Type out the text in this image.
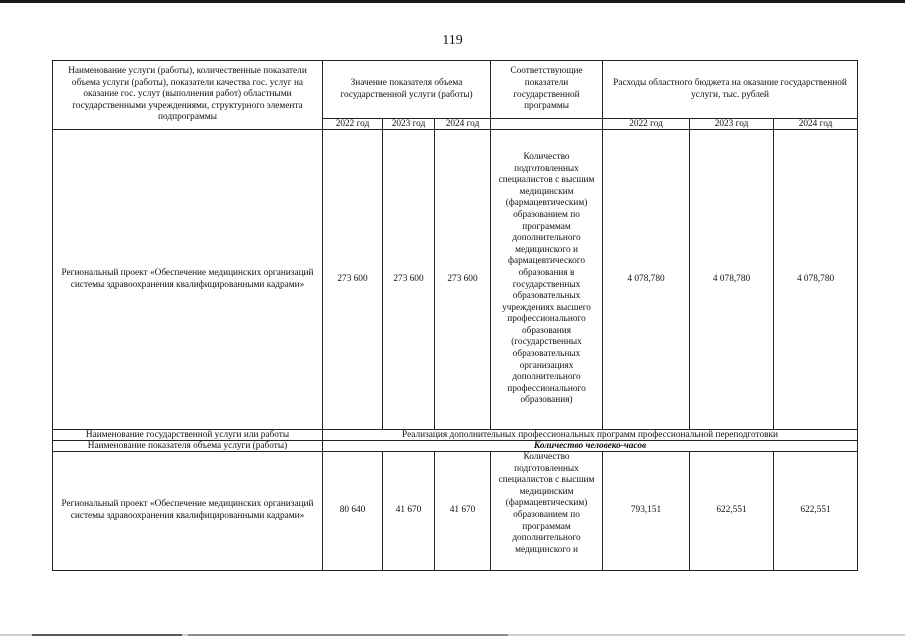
119
Наименование услуги (работы), количественные показатели объема услуги (работы), показатели качества гос. услуг на оказание гос. услут (выполнения работ) областными государственными учреждениями, структурного элемента подпрограммы	Значение показателя объема государственной услуги (работы)			Соответствующие показатели государственной программы	Расходы областного бюджета на оказание государственной услуги, тыс. рублей		
	2022 год	2023 год	2024 год		2022 год	2023 год	2024 год
Региональный проект «Обеспечение медицинских организаций системы здравоохранения квалифицированными кадрами»	273 600	273 600	273 600	Количество подготовленных специалистов с высшим медицинским (фармацевтическим) образованием по программам дополнительного медицинского и фармацевтического образования в государственных образовательных учреждениях высшего профессионального образования (государственных образовательных организациях дополнительного профессионального образования)	4 078,780	4 078,780	4 078,780
Наименование государственной услуги или работы	Реализация дополнительных профессиональных программ профессиональной переподготовки						
Наименование показателя объема услуги (работы)	Количество человеко-часов						
Региональный проект «Обеспечение медицинских организаций системы здравоохранения квалифицированными кадрами»	80 640	41 670	41 670	Количество подготовленных специалистов с высшим медицинским (фармацевтическим) образованием по программам дополнительного медицинского и	793,151	622,551	622,551
